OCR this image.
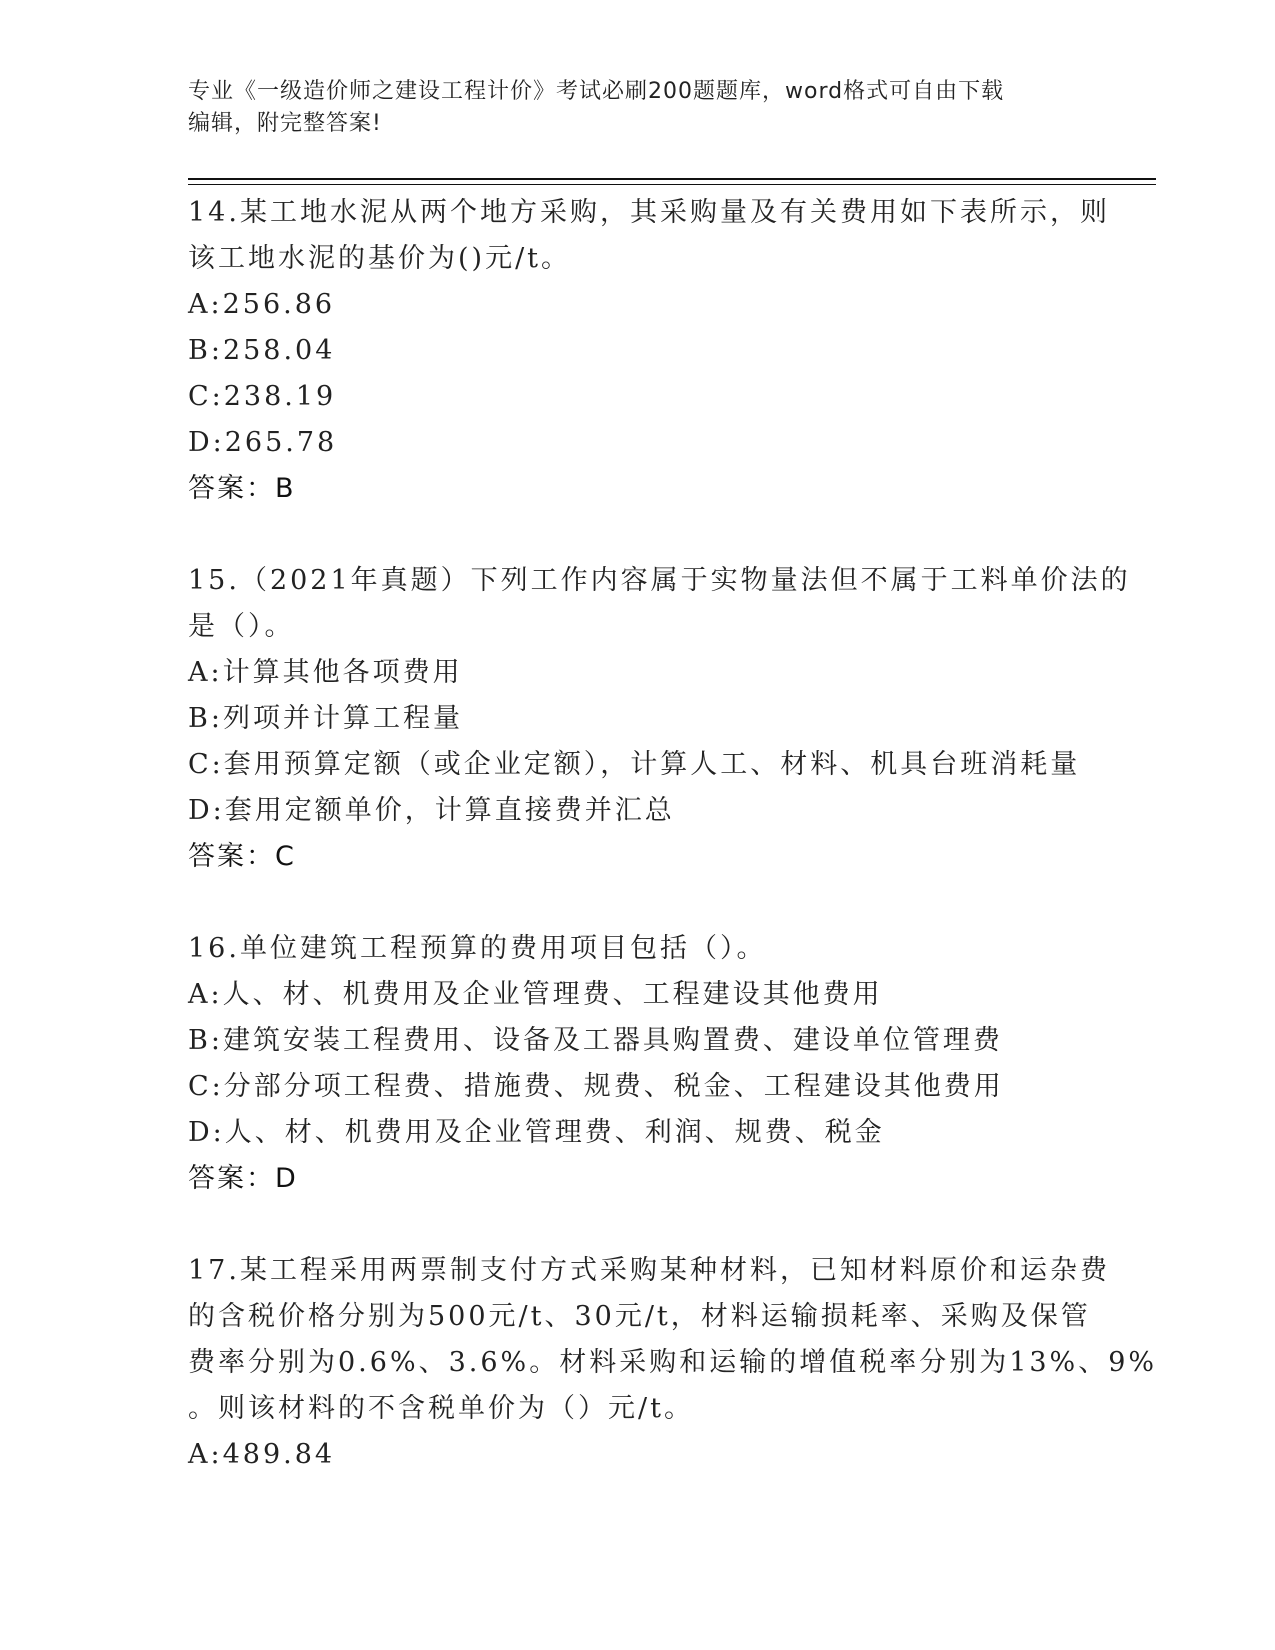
专业《一级造价师之建设工程计价》考试必刷200题题库，word格式可自由下载
编辑，附完整答案!
14.某工地水泥从两个地方采购，其采购量及有关费用如下表所示，则
该工地水泥的基价为()元/t。
A:256.86
B:258.04
C:238.19
D:265.78
答案：B
15.（2021年真题）下列工作内容属于实物量法但不属于工料单价法的
是（）。
A:计算其他各项费用
B:列项并计算工程量
C:套用预算定额（或企业定额），计算人工、材料、机具台班消耗量
D:套用定额单价，计算直接费并汇总
答案：C
16.单位建筑工程预算的费用项目包括（）。
A:人、材、机费用及企业管理费、工程建设其他费用
B:建筑安装工程费用、设备及工器具购置费、建设单位管理费
C:分部分项工程费、措施费、规费、税金、工程建设其他费用
D:人、材、机费用及企业管理费、利润、规费、税金
答案：D
17.某工程采用两票制支付方式采购某种材料，已知材料原价和运杂费
的含税价格分别为500元/t、30元/t，材料运输损耗率、采购及保管
费率分别为0.6%、3.6%。材料采购和运输的增值税率分别为13%、9%
。则该材料的不含税单价为（）元/t。
A:489.84
